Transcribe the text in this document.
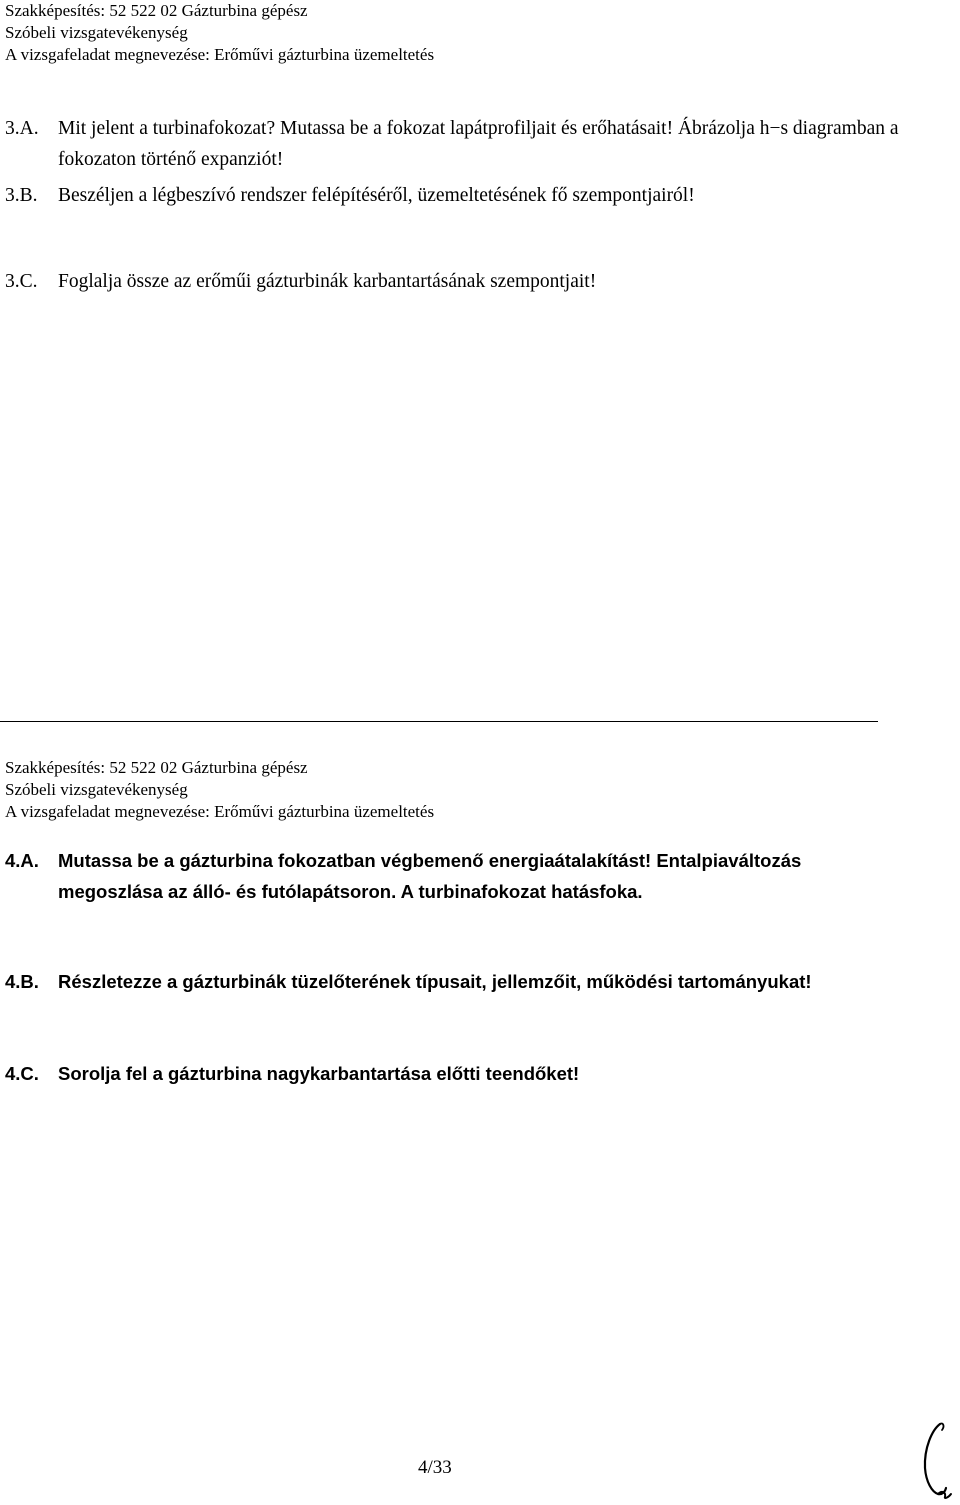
Szakképesítés: 52 522 02 Gázturbina gépész
Szóbeli vizsgatevékenység
A vizsgafeladat megnevezése: Erőművi gázturbina üzemeltetés
3.A. Mit jelent a turbinafokozat? Mutassa be a fokozat lapátprofiljait és erőhatásait! Ábrázolja h−s diagramban a fokozaton történő expanziót!
3.B.	Beszéljen a légbeszívó rendszer felépítéséről, üzemeltetésének fő szempontjairól!
3.C.	Foglalja össze az erőműi gázturbinák karbantartásának szempontjait!
Szakképesítés: 52 522 02 Gázturbina gépész
Szóbeli vizsgatevékenység
A vizsgafeladat megnevezése: Erőművi gázturbina üzemeltetés
4.A.	Mutassa be a gázturbina fokozatban végbemenő energiaátalakítást! Entalpiaváltozás megoszlása az álló- és futólapátsoron. A turbinafokozat hatásfoka.
4.B.	Részletezze a gázturbinák tüzelőterének típusait, jellemzőit, működési tartományukat!
4.C.	Sorolja fel a gázturbina nagykarbantartása előtti teendőket!
4/33
